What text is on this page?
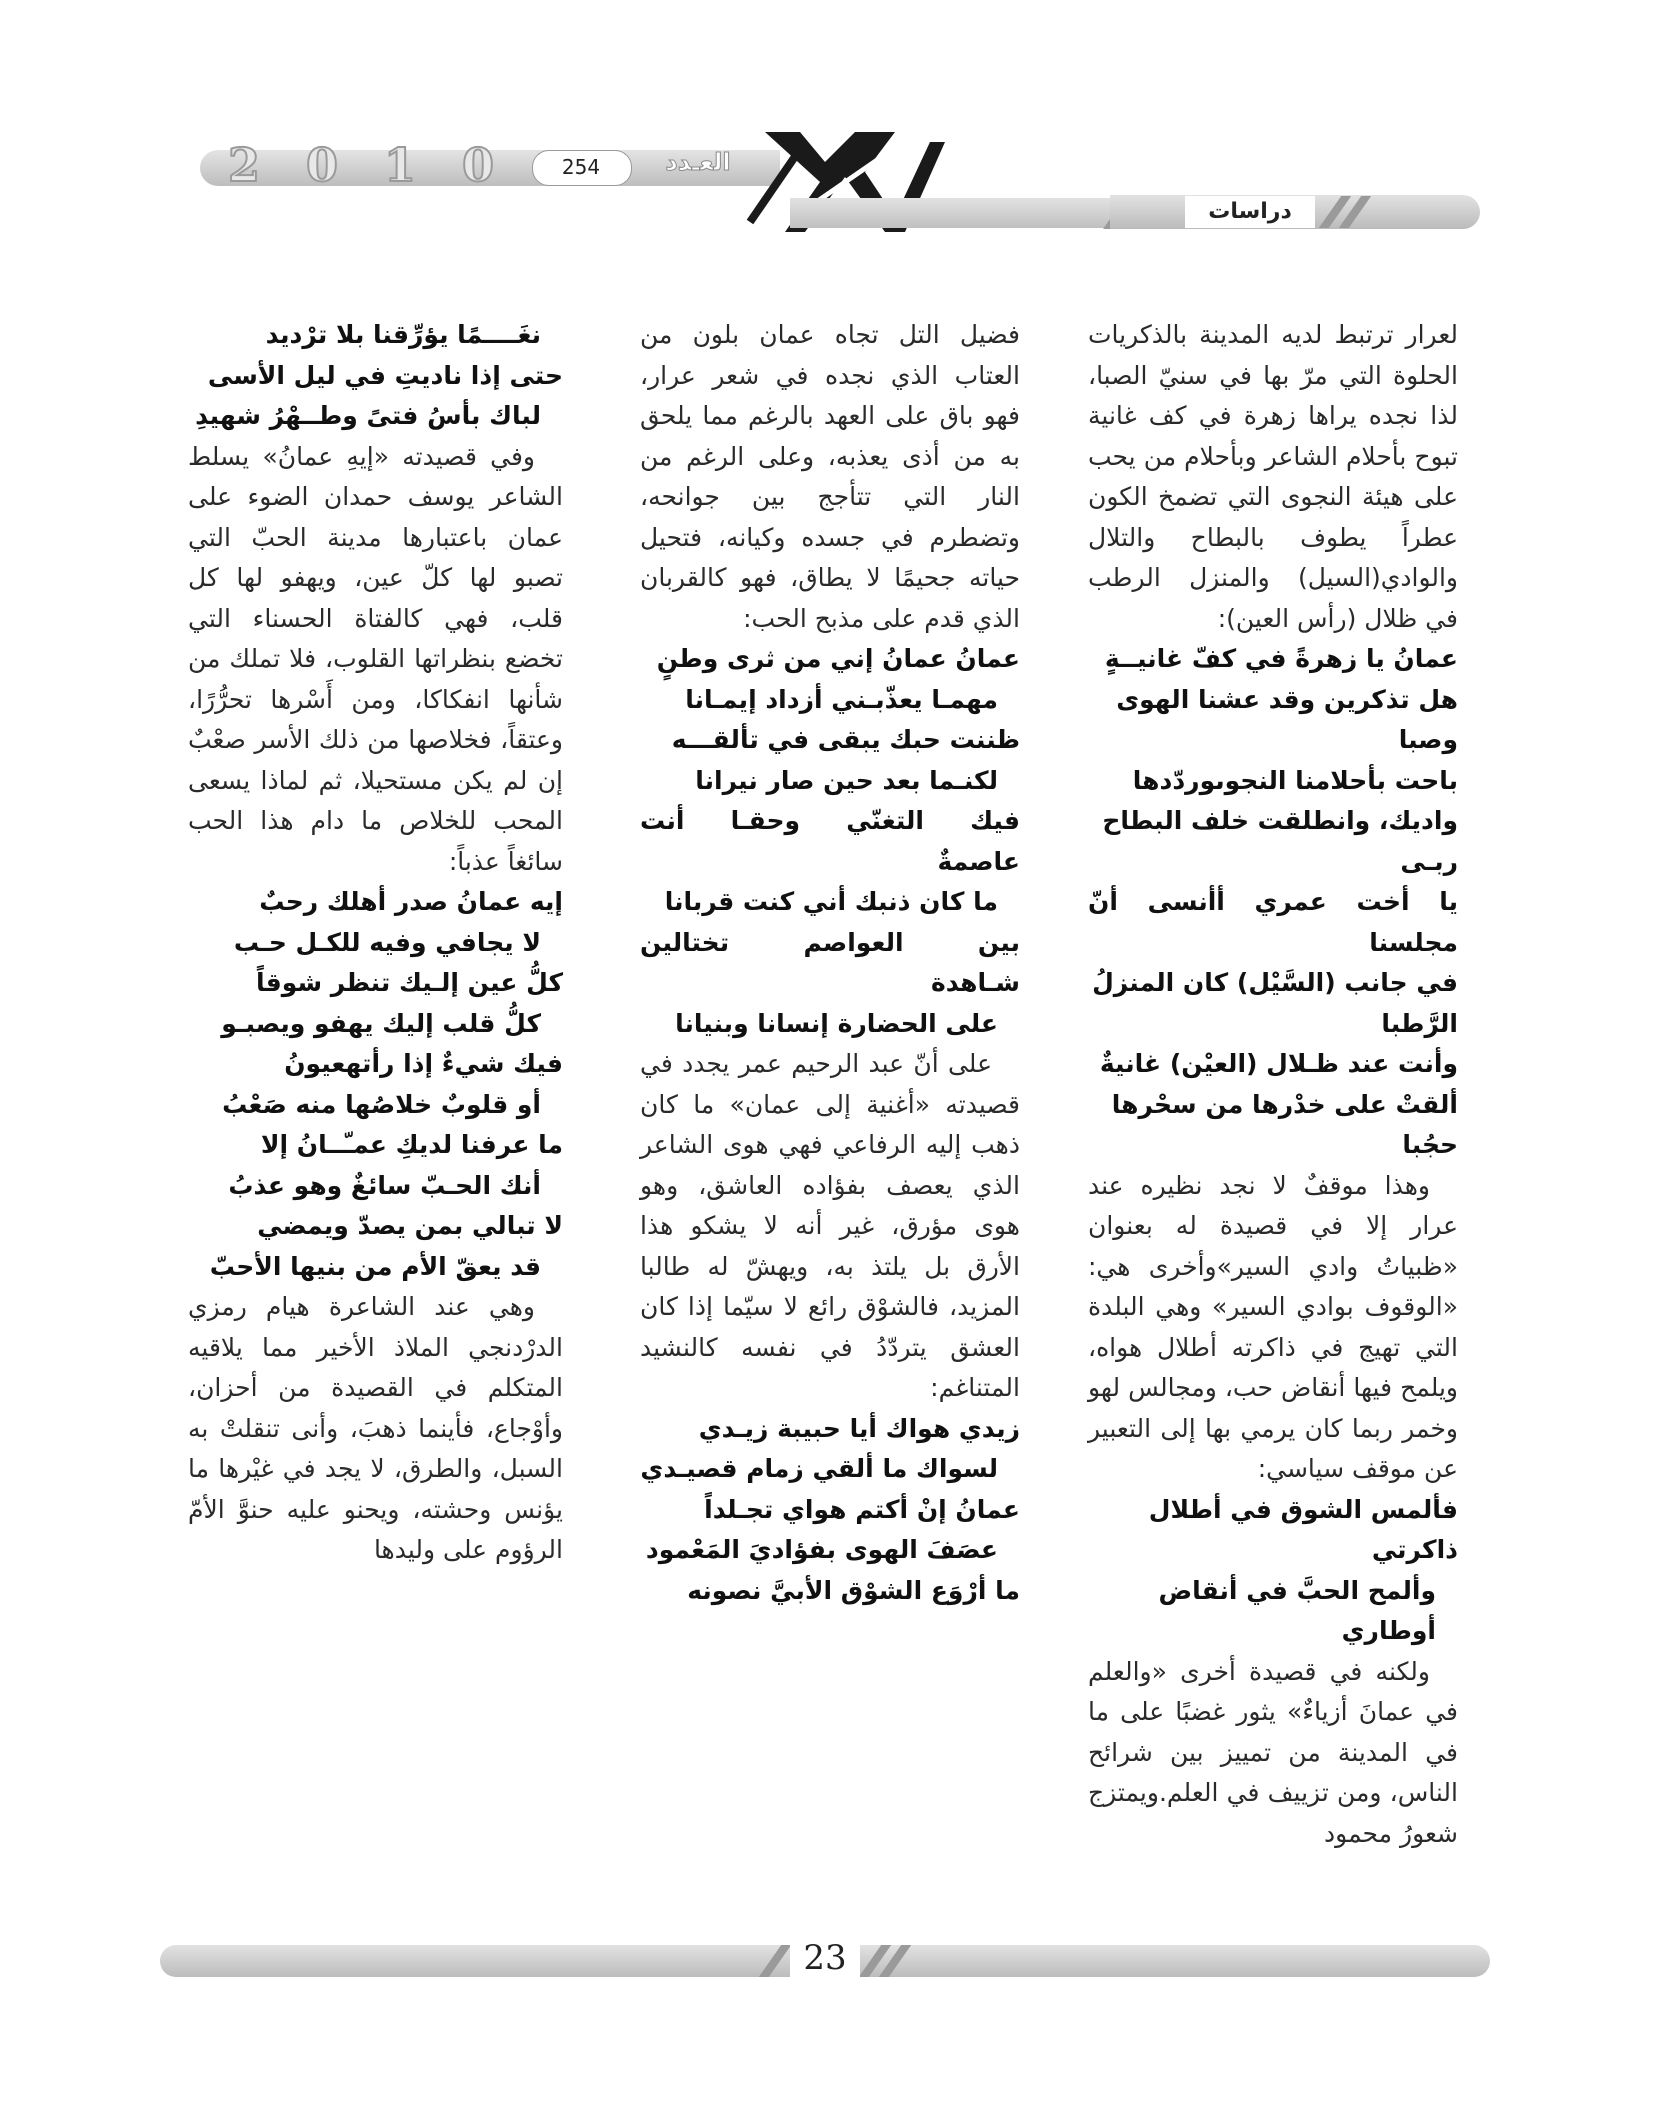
2 0 1 0	254	العـدد
دراسات

لعرار ترتبط لديه المدينة بالذكريات الحلوة التي مرّ بها في سنيّ الصبا، لذا نجده يراها زهرة في كف غانية تبوح بأحلام الشاعر وبأحلام من يحب على هيئة النجوى التي تضمخ الكون عطراً يطوف بالبطاح والتلال والوادي(السيل) والمنزل الرطب في ظلال (رأس العين):

عمانُ يا زهرةً في كفّ غانيــةٍ

هل تذكرين وقد عشنا الهوى وصبا

باحت بأحلامنا النجوىوردّدها

واديك، وانطلقت خلف البطاح ربـى

يا أخت عمري أأنسى أنّ

مجلسنا

في جانب (السَّيْل) كان المنزلُ الرَّطبا

وأنت عند ظـلال (العيْن) غانيةٌ

ألقتْ على خدْرها من سحْرها حجُبا

وهذا موقفٌ لا نجد نظيره عند عرار إلا في قصيدة له بعنوان «ظبياتُ وادي السير»وأخرى هي: «الوقوف بوادي السير» وهي البلدة التي تهيج في ذاكرته أطلال هواه، ويلمح فيها أنقاض حب، ومجالس لهو وخمر ربما كان يرمي بها إلى التعبير عن موقف سياسي:

فألمس الشوق في أطلال ذاكرتي

وألمح الحبَّ في أنقاض أوطاري

ولكنه في قصيدة أخرى «والعلم في عمانَ أزياءٌ» يثور غضبًا على ما في المدينة من تمييز بين شرائح الناس، ومن تزييف في العلم.ويمتزج شعورُ محمود

فضيل التل تجاه عمان بلون من العتاب الذي نجده في شعر عرار، فهو باق على العهد بالرغم مما يلحق به من أذى يعذبه، وعلى الرغم من النار التي تتأجج بين جوانحه، وتضطرم في جسده وكيانه، فتحيل حياته جحيمًا لا يطاق، فهو كالقربان الذي قدم على مذبح الحب:

عمانُ عمانُ إني من ثرى وطنٍ

مهمـا يعذّبـني أزداد إيمـانا

ظننت حبك يبقى في تألقـــه

لكنـما بعد حين صار نيرانا

فيك التغنّي وحقـا أنت

عاصمةٌ

ما كان ذنبك أني كنت قربانا

بين العواصم تختالين

شـاهدة

على الحضارة إنسانا وبنيانا

على أنّ عبد الرحيم عمر يجدد في قصيدته «أغنية إلى عمان» ما كان ذهب إليه الرفاعي فهي هوى الشاعر الذي يعصف بفؤاده العاشق، وهو هوى مؤرق، غير أنه لا يشكو هذا الأرق بل يلتذ به، ويهشّ له طالبا المزيد، فالشوْق رائع لا سيّما إذا كان العشق يتردّدُ في نفسه كالنشيد المتناغم:

زيدي هواك أيا حبيبة زيـدي

لسواك ما ألقي زمام قصيـدي

عمانُ إنْ أكتم هواي تجـلداً

عصَفَ الهوى بفؤاديَ المَعْمود

ما أرْوَع الشوْق الأبيَّ نصونه

نغَــــمًا يؤرِّقنا بلا ترْديد

حتى إذا ناديتِ في ليل الأسى

لباك بأسُ فتىً وطــهْرُ شهيدِ

وفي قصيدته «إيهِ عمانُ» يسلط الشاعر يوسف حمدان الضوء على عمان باعتبارها مدينة الحبّ التي تصبو لها كلّ عين، ويهفو لها كل قلب، فهي كالفتاة الحسناء التي تخضع بنظراتها القلوب، فلا تملك من شأنها انفكاكا، ومن أَسْرها تحرُّرًا، وعتقاً، فخلاصها من ذلك الأسر صعْبٌ إن لم يكن مستحيلا، ثم لماذا يسعى المحب للخلاص ما دام هذا الحب سائغاً عذباً:

إيه عمانُ صدر أهلك رحبٌ

لا يجافي وفيه للكـل حـب

كلُّ عين إلـيك تنظر شوقاً

كلُّ قلب إليك يهفو ويصبـو

فيك شيءٌ إذا رأتهعيونُ

أو قلوبٌ خلاصُها منه صَعْبُ

ما عرفنا لديكِ عمـّــانُ إلا

أنك الحـبّ سائغٌ وهو عذبُ

لا تبالي بمن يصدّ ويمضي

قد يعقّ الأم من بنيها الأحبّ

وهي عند الشاعرة هيام رمزي الدرْدنجي الملاذ الأخير مما يلاقيه المتكلم في القصيدة من أحزان، وأوْجاع، فأينما ذهبَ، وأنى تنقلتْ به السبل، والطرق، لا يجد في غيْرها ما يؤنس وحشته، ويحنو عليه حنوَّ الأمّ الرؤوم على وليدها

23
